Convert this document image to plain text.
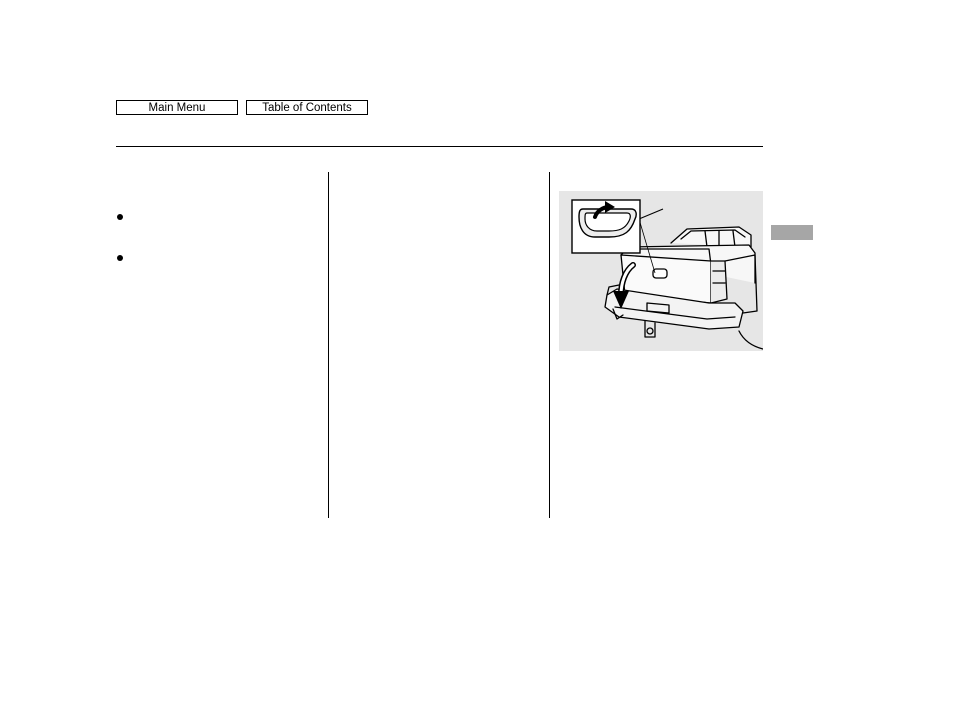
Main Menu	Table of Contents
